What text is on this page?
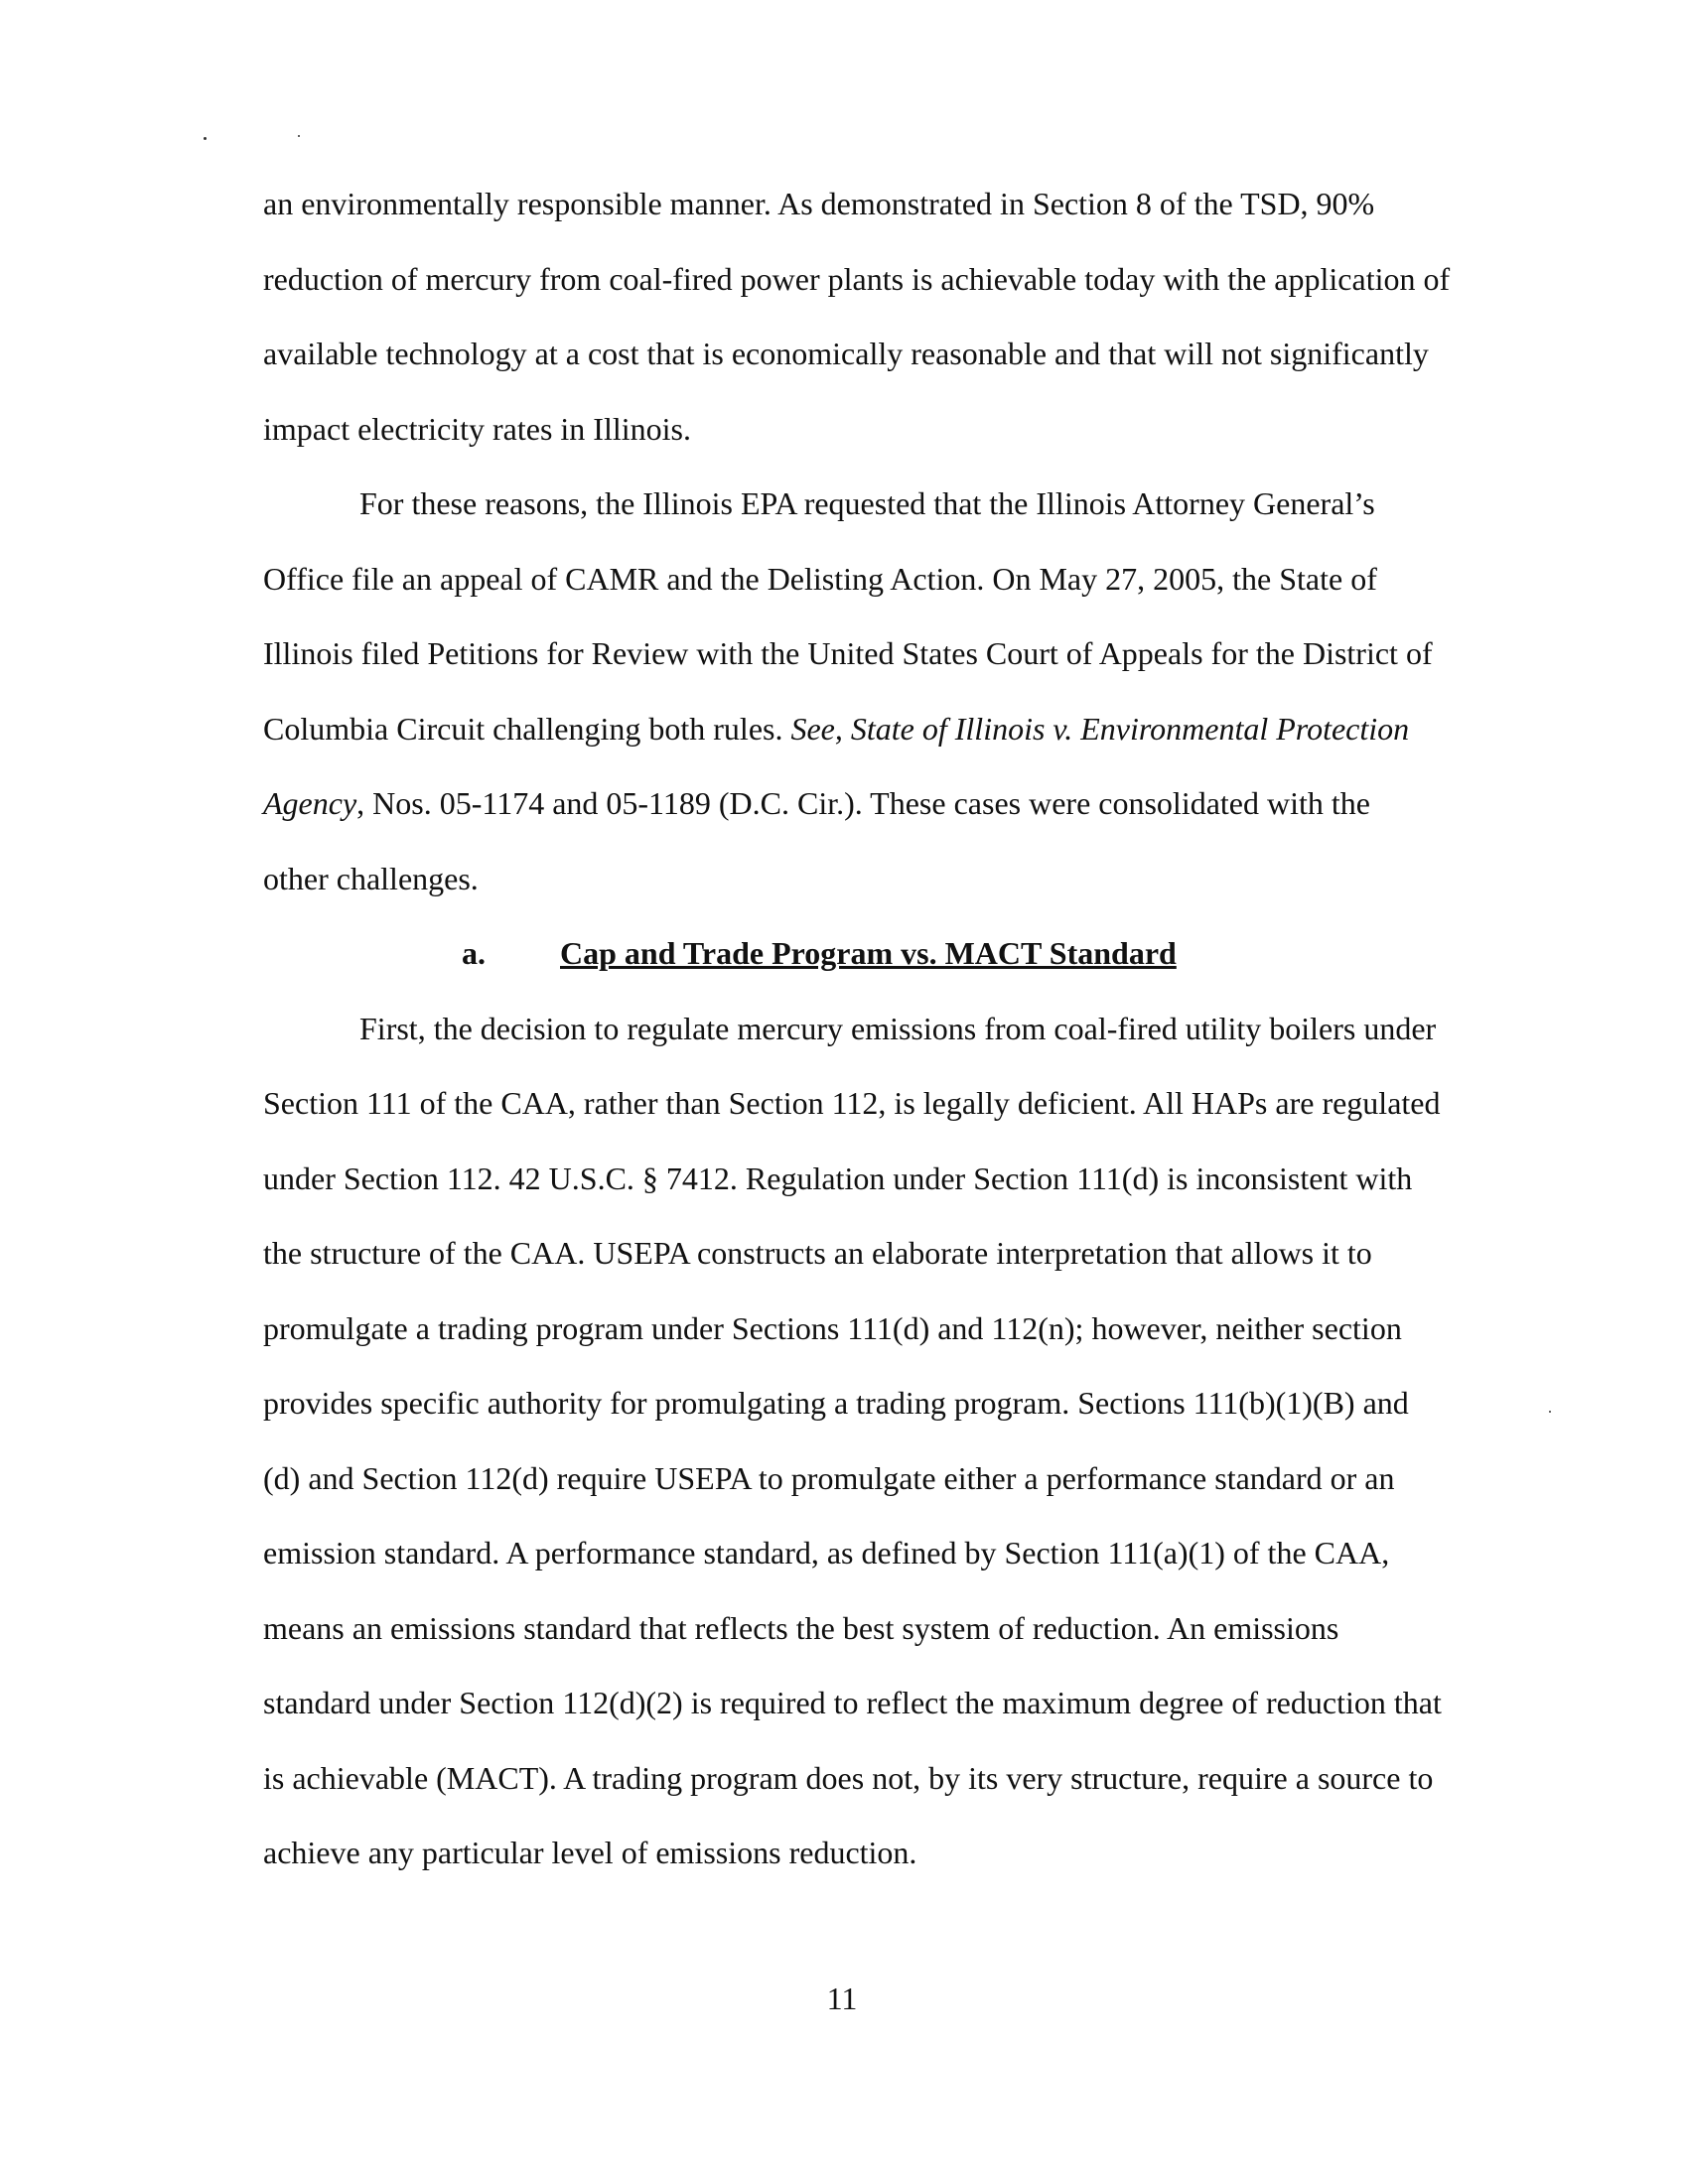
an environmentally responsible manner. As demonstrated in Section 8 of the TSD, 90%
reduction of mercury from coal-fired power plants is achievable today with the application of
available technology at a cost that is economically reasonable and that will not significantly
impact electricity rates in Illinois.
For these reasons, the Illinois EPA requested that the Illinois Attorney General’s
Office file an appeal of CAMR and the Delisting Action. On May 27, 2005, the State of
Illinois filed Petitions for Review with the United States Court of Appeals for the District of
Columbia Circuit challenging both rules. See, State of Illinois v. Environmental Protection
Agency, Nos. 05-1174 and 05-1189 (D.C. Cir.). These cases were consolidated with the
other challenges.
a. Cap and Trade Program vs. MACT Standard
First, the decision to regulate mercury emissions from coal-fired utility boilers under
Section 111 of the CAA, rather than Section 112, is legally deficient. All HAPs are regulated
under Section 112. 42 U.S.C. § 7412. Regulation under Section 111(d) is inconsistent with
the structure of the CAA. USEPA constructs an elaborate interpretation that allows it to
promulgate a trading program under Sections 111(d) and 112(n); however, neither section
provides specific authority for promulgating a trading program. Sections 111(b)(1)(B) and
(d) and Section 112(d) require USEPA to promulgate either a performance standard or an
emission standard. A performance standard, as defined by Section 111(a)(1) of the CAA,
means an emissions standard that reflects the best system of reduction. An emissions
standard under Section 112(d)(2) is required to reflect the maximum degree of reduction that
is achievable (MACT). A trading program does not, by its very structure, require a source to
achieve any particular level of emissions reduction.
11
